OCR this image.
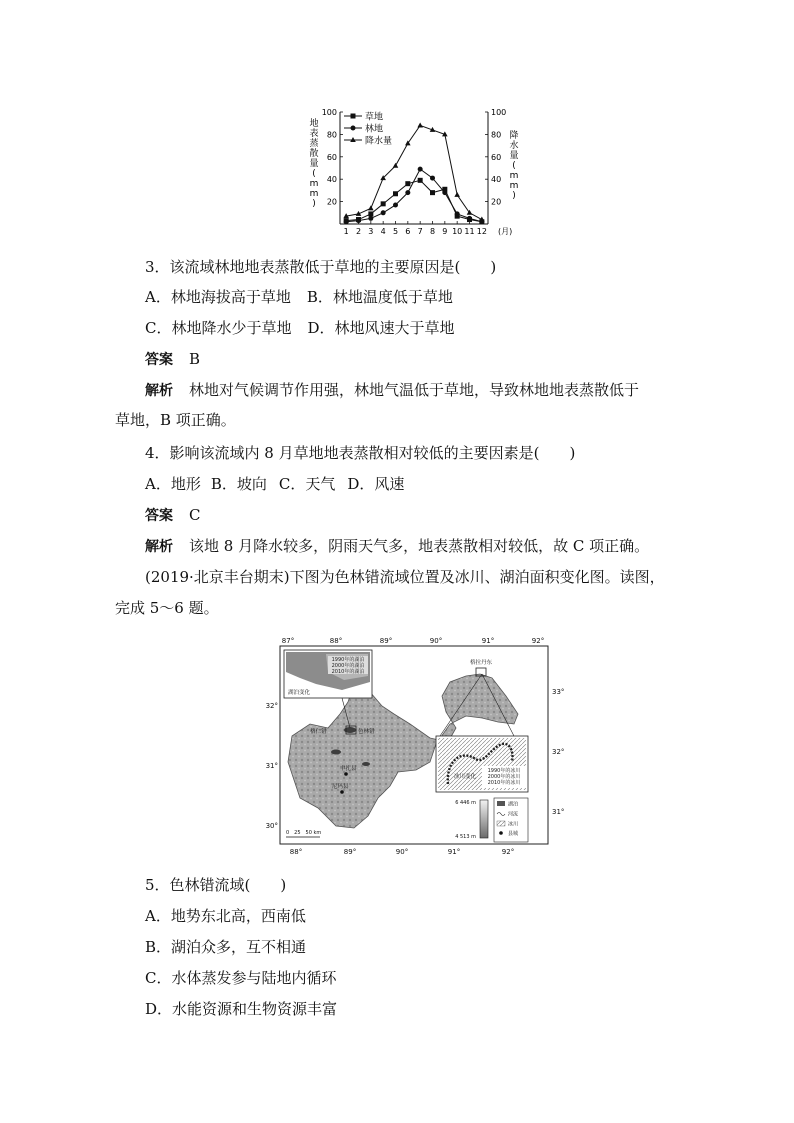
20	20
40	40
60	60
80	80
100	100
1 2 3 4 5 6 7 8 9 10 11 12 (月)
地
表
蒸
散
量
(
m
m
)
降
水
量
(
m
m
)
草地
林地
降水量
3．该流域林地地表蒸散低于草地的主要原因是(　　)
A．林地海拔高于草地 B．林地温度低于草地
C．林地降水少于草地 D．林地风速大于草地
答案 B
解析 林地对气候调节作用强，林地气温低于草地，导致林地地表蒸散低于
草地，B 项正确。
4．影响该流域内 8 月草地地表蒸散相对较低的主要因素是(　　)
A．地形 B．坡向 C．天气 D．风速
答案 C
解析 该地 8 月降水较多，阴雨天气多，地表蒸散相对较低，故 C 项正确。
(2019·北京丰台期末)下图为色林错流域位置及冰川、湖泊面积变化图。读图，
完成 5～6 题。
1990年的湖泊
2000年的湖泊
2010年的湖泊
湖泊变化
1990年的冰川
2000年的冰川
2010年的冰川
冰川变化
格拉丹东
色林错
格仁错
申扎县
尼玛县
6 446 m
4 513 m
湖泊
河流
冰川
县城
0　25　50 km
87°	88°	89°	90°	91°	92°
88°	89°	90°	91°	92°
32°
31°
30°
33°
32°
31°
5．色林错流域(　　)
A．地势东北高，西南低
B．湖泊众多，互不相通
C．水体蒸发参与陆地内循环
D．水能资源和生物资源丰富
